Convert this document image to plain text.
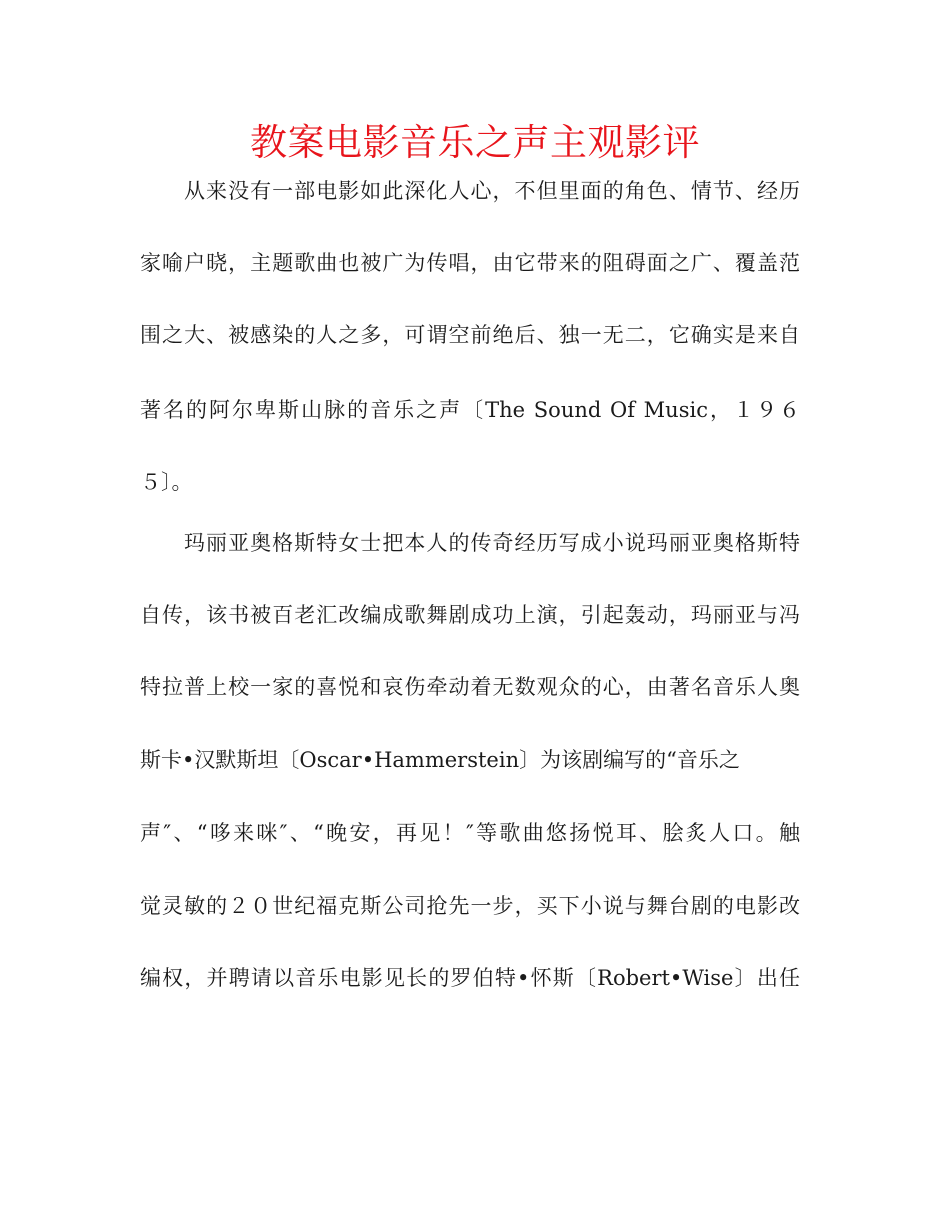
教案电影音乐之声主观影评
从来没有一部电影如此深化人心，不但里面的角色、情节、经历
家喻户晓，主题歌曲也被广为传唱，由它带来的阻碍面之广、覆盖范
围之大、被感染的人之多，可谓空前绝后、独一无二，它确实是来自
著名的阿尔卑斯山脉的音乐之声〔The Sound Of Music，１９６
５〕。
玛丽亚奥格斯特女士把本人的传奇经历写成小说玛丽亚奥格斯特
自传，该书被百老汇改编成歌舞剧成功上演，引起轰动，玛丽亚与冯
特拉普上校一家的喜悦和哀伤牵动着无数观众的心，由著名音乐人奥
斯卡•汉默斯坦〔Oscar•Hammerstein〕为该剧编写的“音乐之
声″、“哆来咪″、“晚安，再见！″等歌曲悠扬悦耳、脍炙人口。触
觉灵敏的２０世纪福克斯公司抢先一步，买下小说与舞台剧的电影改
编权，并聘请以音乐电影见长的罗伯特•怀斯〔Robert•Wise〕出任
